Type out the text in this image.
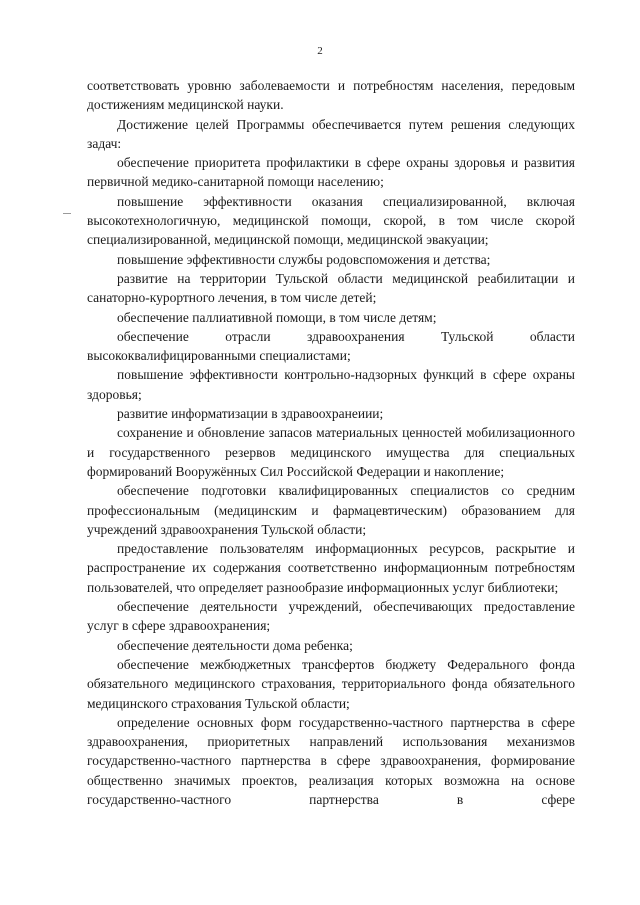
2

соответствовать уровню заболеваемости и потребностям населения, передовым достижениям медицинской науки.

Достижение целей Программы обеспечивается путем решения следующих задач:

обеспечение приоритета профилактики в сфере охраны здоровья и развития первичной медико-санитарной помощи населению;

повышение эффективности оказания специализированной, включая высокотехнологичную, медицинской помощи, скорой, в том числе скорой специализированной, медицинской помощи, медицинской эвакуации;

повышение эффективности службы родовспоможения и детства;

развитие на территории Тульской области медицинской реабилитации и санаторно-курортного лечения, в том числе детей;

обеспечение паллиативной помощи, в том числе детям;

обеспечение отрасли здравоохранения Тульской области высококвалифицированными специалистами;

повышение эффективности контрольно-надзорных функций в сфере охраны здоровья;

развитие информатизации в здравоохранеиии;

сохранение и обновление запасов материальных ценностей мобилизационного и государственного резервов медицинского имущества для специальных формирований Вооружённых Сил Российской Федерации и накопление;

обеспечение подготовки квалифицированных специалистов со средним профессиональным (медицинским и фармацевтическим) образованием для учреждений здравоохранения Тульской области;

предоставление пользователям информационных ресурсов, раскрытие и распространение их содержания соответственно информационным потребностям пользователей, что определяет разнообразие информационных услуг библиотеки;

обеспечение деятельности учреждений, обеспечивающих предоставление услуг в сфере здравоохранения;

обеспечение деятельности дома ребенка;

обеспечение межбюджетных трансфертов бюджету Федерального фонда обязательного медицинского страхования, территориального фонда обязательного медицинского страхования Тульской области;

определение основных форм государственно-частного партнерства в сфере здравоохранения, приоритетных направлений использования механизмов государственно-частного партнерства в сфере здравоохранения, формирование общественно значимых проектов, реализация которых возможна на основе государственно-частного партнерства в сфере
